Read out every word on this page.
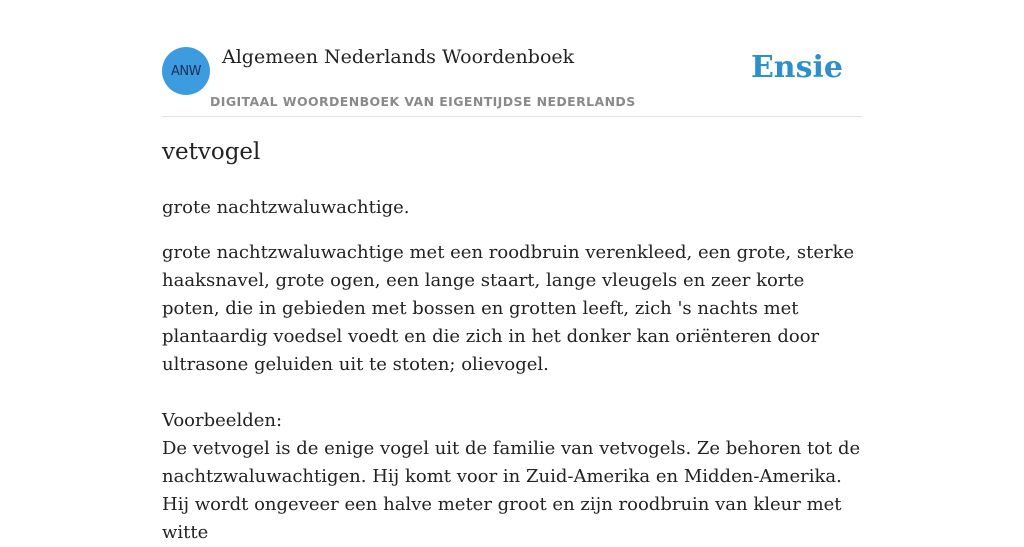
ANW
Algemeen Nederlands Woordenboek
DIGITAAL WOORDENBOEK VAN EIGENTIJDSE NEDERLANDS
Ensie
vetvogel

grote nachtzwaluwachtige.

grote nachtzwaluwachtige met een roodbruin verenkleed, een grote, sterke haaksnavel, grote ogen, een lange staart, lange vleugels en zeer korte poten, die in gebieden met bossen en grotten leeft, zich 's nachts met plantaardig voedsel voedt en die zich in het donker kan oriënteren door ultrasone geluiden uit te stoten; olievogel.

Voorbeelden:
De vetvogel is de enige vogel uit de familie van vetvogels. Ze behoren tot de nachtzwaluwachtigen. Hij komt voor in Zuid-Amerika en Midden-Amerika. Hij wordt ongeveer een halve meter groot en zijn roodbruin van kleur met witte
